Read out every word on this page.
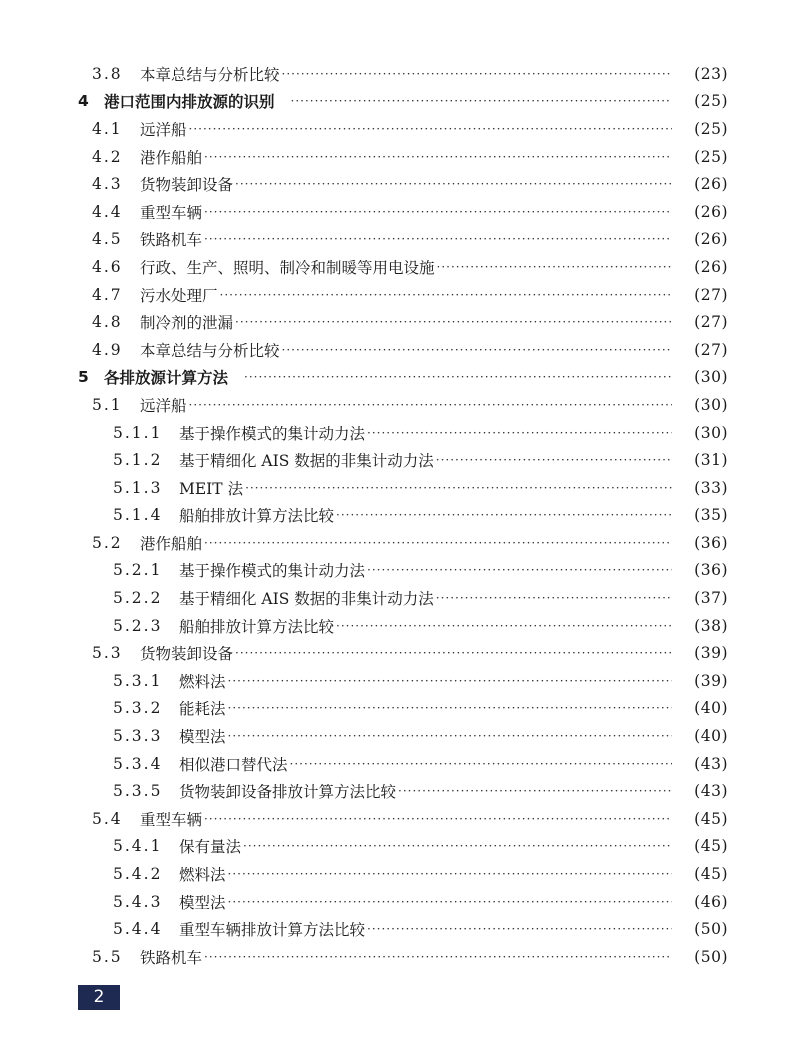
3.8	本章总结与分析比较 ·····	(23)
4 港口范围内排放源的识别 ·····	(25)
4.1	远洋船 ·····	(25)
4.2	港作船舶 ·····	(25)
4.3	货物装卸设备 ·····	(26)
4.4	重型车辆 ·····	(26)
4.5	铁路机车 ·····	(26)
4.6	行政、生产、照明、制冷和制暖等用电设施 ·····	(26)
4.7	污水处理厂 ·····	(27)
4.8	制冷剂的泄漏 ·····	(27)
4.9	本章总结与分析比较 ·····	(27)
5 各排放源计算方法 ·····	(30)
5.1	远洋船 ·····	(30)
5.1.1	基于操作模式的集计动力法 ·····	(30)
5.1.2	基于精细化 AIS 数据的非集计动力法 ·····	(31)
5.1.3	MEIT 法 ·····	(33)
5.1.4	船舶排放计算方法比较 ·····	(35)
5.2	港作船舶 ·····	(36)
5.2.1	基于操作模式的集计动力法 ·····	(36)
5.2.2	基于精细化 AIS 数据的非集计动力法 ·····	(37)
5.2.3	船舶排放计算方法比较 ·····	(38)
5.3	货物装卸设备 ·····	(39)
5.3.1	燃料法 ·····	(39)
5.3.2	能耗法 ·····	(40)
5.3.3	模型法 ·····	(40)
5.3.4	相似港口替代法 ·····	(43)
5.3.5	货物装卸设备排放计算方法比较 ·····	(43)
5.4	重型车辆 ·····	(45)
5.4.1	保有量法 ·····	(45)
5.4.2	燃料法 ·····	(45)
5.4.3	模型法 ·····	(46)
5.4.4	重型车辆排放计算方法比较 ·····	(50)
5.5	铁路机车 ·····	(50)
2
